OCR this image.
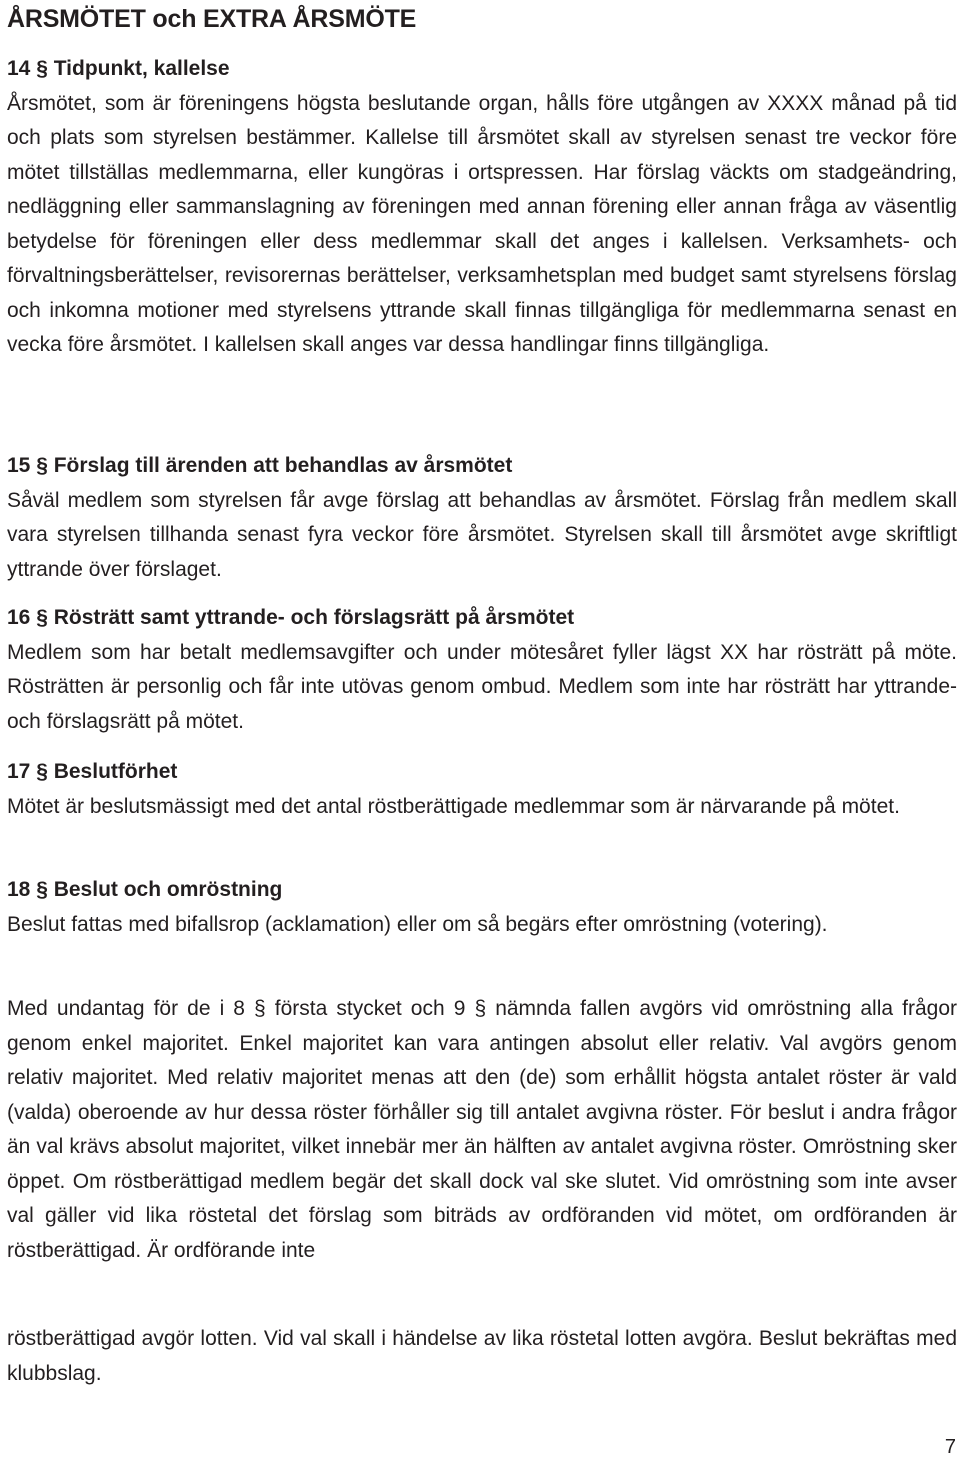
ÅRSMÖTET och EXTRA ÅRSMÖTE
14 § Tidpunkt, kallelse

Årsmötet, som är föreningens högsta beslutande organ, hålls före utgången av XXXX månad på tid och plats som styrelsen bestämmer. Kallelse till årsmötet skall av styrelsen senast tre veckor före mötet tillställas medlemmarna, eller kungöras i ortspressen. Har förslag väckts om stadgeändring, nedläggning eller sammanslagning av föreningen med annan förening eller annan fråga av väsentlig betydelse för föreningen eller dess medlemmar skall det anges i kallelsen. Verksamhets- och förvaltningsberättelser, revisorernas berättelser, verksamhetsplan med budget samt styrelsens förslag och inkomna motioner med styrelsens yttrande skall finnas tillgängliga för medlemmarna senast en vecka före årsmötet. I kallelsen skall anges var dessa handlingar finns tillgängliga.

15 § Förslag till ärenden att behandlas av årsmötet

Såväl medlem som styrelsen får avge förslag att behandlas av årsmötet. Förslag från medlem skall vara styrelsen tillhanda senast fyra veckor före årsmötet. Styrelsen skall till årsmötet avge skriftligt yttrande över förslaget.

16 § Rösträtt samt yttrande- och förslagsrätt på årsmötet

Medlem som har betalt medlemsavgifter och under mötesåret fyller lägst XX har rösträtt på möte. Rösträtten är personlig och får inte utövas genom ombud. Medlem som inte har rösträtt har yttrande- och förslagsrätt på mötet.

17 § Beslutförhet

Mötet är beslutsmässigt med det antal röstberättigade medlemmar som är närvarande på mötet.

18 § Beslut och omröstning

Beslut fattas med bifallsrop (acklamation) eller om så begärs efter omröstning (votering).

Med undantag för de i 8 § första stycket och 9 § nämnda fallen avgörs vid omröstning alla frågor genom enkel majoritet. Enkel majoritet kan vara antingen absolut eller relativ. Val avgörs genom relativ majoritet. Med relativ majoritet menas att den (de) som erhållit högsta antalet röster är vald (valda) oberoende av hur dessa röster förhåller sig till antalet avgivna röster. För beslut i andra frågor än val krävs absolut majoritet, vilket innebär mer än hälften av antalet avgivna röster. Omröstning sker öppet. Om röstberättigad medlem begär det skall dock val ske slutet. Vid omröstning som inte avser val gäller vid lika röstetal det förslag som biträds av ordföranden vid mötet, om ordföranden är röstberättigad. Är ordförande inte

röstberättigad avgör lotten. Vid val skall i händelse av lika röstetal lotten avgöra. Beslut bekräftas med klubbslag.

7
